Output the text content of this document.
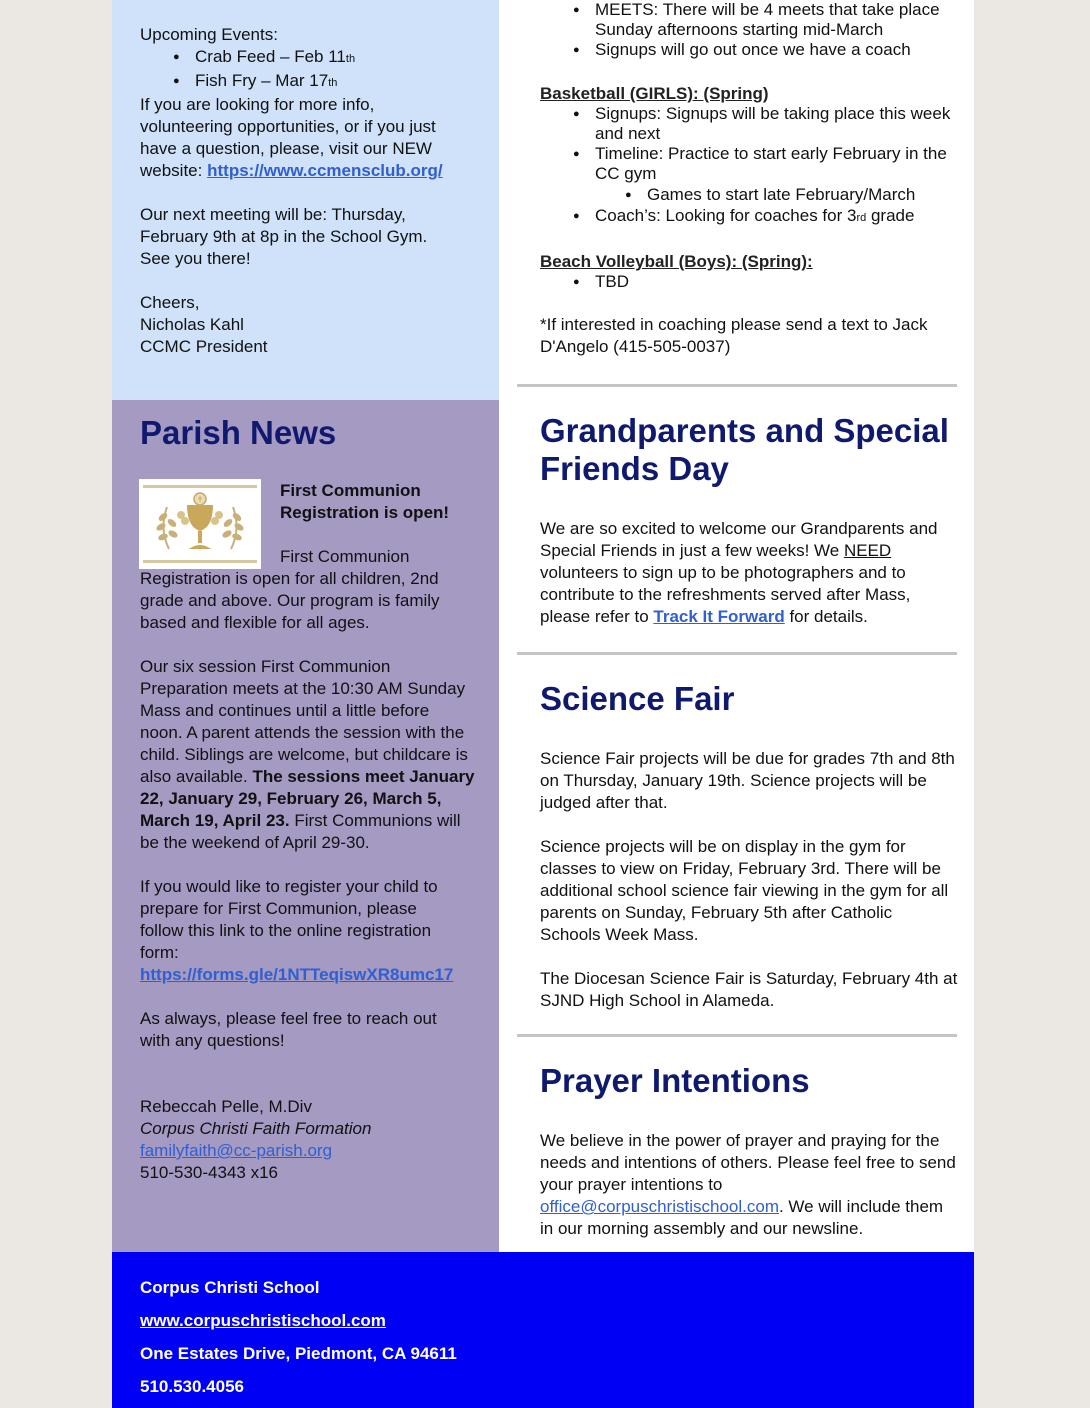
Upcoming Events:

● Crab Feed – Feb 11th
● Fish Fry – Mar 17th

If you are looking for more info, volunteering opportunities, or if you just have a question, please, visit our NEW website: https://www.ccmensclub.org/

Our next meeting will be: Thursday, February 9th at 8p in the School Gym. See you there!

Cheers,

Nicholas Kahl

CCMC President

Parish News
✝	First Communion Registration is open!

First Communion Registration is open for all children, 2nd grade and above. Our program is family based and flexible for all ages.

Our six session First Communion Preparation meets at the 10:30 AM Sunday Mass and continues until a little before noon. A parent attends the session with the child. Siblings are welcome, but childcare is also available. The sessions meet January 22, January 29, February 26, March 5, March 19, April 23. First Communions will be the weekend of April 29-30.

If you would like to register your child to prepare for First Communion, please follow this link to the online registration form:
https://forms.gle/1NTTeqiswXR8umc17

As always, please feel free to reach out with any questions!

Rebeccah Pelle, M.Div

Corpus Christi Faith Formation

familyfaith@cc-parish.org

510-530-4343 x16

● MEETS: There will be 4 meets that take place Sunday afternoons starting mid-March
● Signups will go out once we have a coach

Basketball (GIRLS): (Spring)

● Signups: Signups will be taking place this week and next
● Timeline: Practice to start early February in the CC gym
● Games to start late February/March
● Coach’s: Looking for coaches for 3rd grade

Beach Volleyball (Boys): (Spring):

● TBD

*If interested in coaching please send a text to Jack D'Angelo (415-505-0037)

Grandparents and Special Friends Day

We are so excited to welcome our Grandparents and Special Friends in just a few weeks! We NEED volunteers to sign up to be photographers and to contribute to the refreshments served after Mass, please refer to Track It Forward for details.

Science Fair

Science Fair projects will be due for grades 7th and 8th on Thursday, January 19th. Science projects will be judged after that.

Science projects will be on display in the gym for classes to view on Friday, February 3rd. There will be additional school science fair viewing in the gym for all parents on Sunday, February 5th after Catholic Schools Week Mass.

The Diocesan Science Fair is Saturday, February 4th at SJND High School in Alameda.

Prayer Intentions

We believe in the power of prayer and praying for the needs and intentions of others. Please feel free to send your prayer intentions to office@corpuschristischool.com. We will include them in our morning assembly and our newsline.

Corpus Christi School

www.corpuschristischool.com

One Estates Drive, Piedmont, CA 94611

510.530.4056
